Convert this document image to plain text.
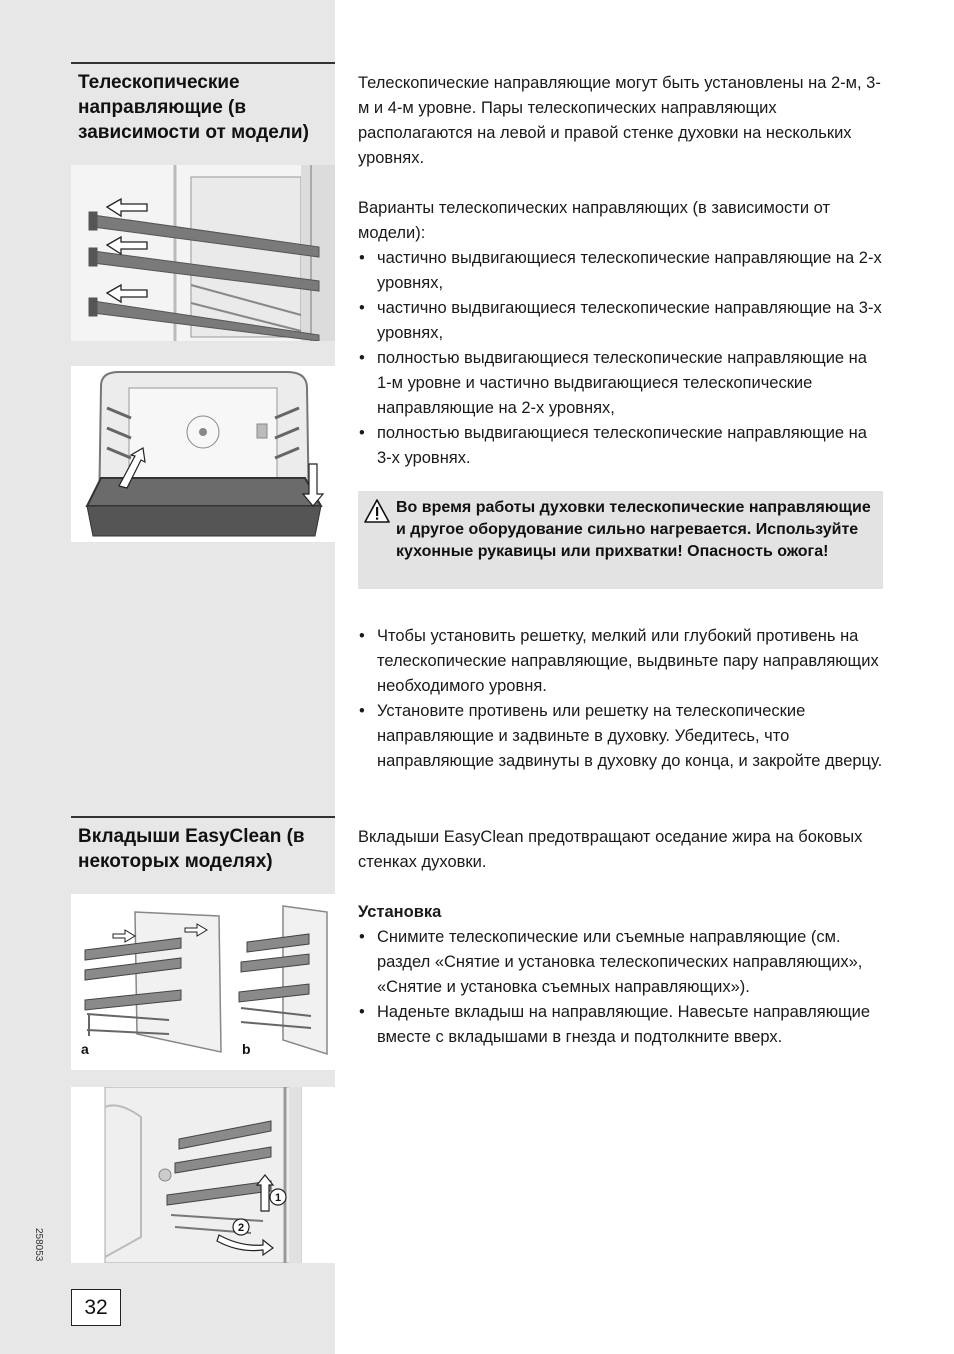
Телескопические направляющие (в зависимости от модели)

Телескопические направляющие могут быть установлены на 2-м, 3-м и 4-м уровне. Пары телескопических направляющих располагаются на левой и правой стенке духовки на нескольких уровнях.

Варианты телескопических направляющих (в зависимости от модели):

• частично выдвигающиеся телескопические направляющие на 2-х уровнях,
• частично выдвигающиеся телескопические направляющие на 3-х уровнях,
• полностью выдвигающиеся телескопические направляющие на 1-м уровне и частично выдвигающиеся телескопические направляющие на 2-х уровнях,
• полностью выдвигающиеся телескопические направляющие на 3-х уровнях.
Во время работы духовки телескопические направляющие и другое оборудование сильно нагревается. Используйте кухонные рукавицы или прихватки! Опасность ожога!
• Чтобы установить решетку, мелкий или глубокий противень на телескопические направляющие, выдвиньте пару направляющих необходимого уровня.
• Установите противень или решетку на телескопические направляющие и задвиньте в духовку. Убедитесь, что направляющие задвинуты в духовку до конца, и закройте дверцу.
Вкладыши EasyClean (в некоторых моделях)
a	b
1
2

Вкладыши EasyClean предотвращают оседание жира на боковых стенках духовки.

Установка

• Снимите телескопические или съемные направляющие (см. раздел «Снятие и установка телескопических направляющих», «Снятие и установка съемных направляющих»).
• Наденьте вкладыш на направляющие. Навесьте направляющие вместе с вкладышами в гнезда и подтолкните вверх.
258053
32
